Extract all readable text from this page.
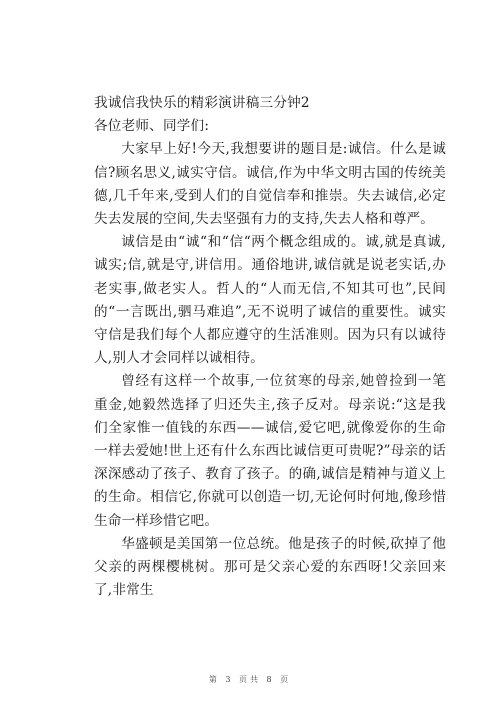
我诚信我快乐的精彩演讲稿三分钟2

各位老师、同学们:

大家早上好!今天,我想要讲的题目是:诚信。什么是诚信?顾名思义,诚实守信。诚信,作为中华文明古国的传统美德,几千年来,受到人们的自觉信奉和推崇。失去诚信,必定失去发展的空间,失去坚强有力的支持,失去人格和尊严。

诚信是由“诚“和“信“两个概念组成的。诚,就是真诚,诚实;信,就是守,讲信用。通俗地讲,诚信就是说老实话,办老实事,做老实人。哲人的“人而无信,不知其可也”,民间的“一言既出,驷马难追”,无不说明了诚信的重要性。诚实守信是我们每个人都应遵守的生活准则。因为只有以诚待人,别人才会同样以诚相待。

曾经有这样一个故事,一位贫寒的母亲,她曾捡到一笔重金,她毅然选择了归还失主,孩子反对。母亲说:“这是我们全家惟一值钱的东西——诚信,爱它吧,就像爱你的生命一样去爱她!世上还有什么东西比诚信更可贵呢?”母亲的话深深感动了孩子、教育了孩子。的确,诚信是精神与道义上的生命。相信它,你就可以创造一切,无论何时何地,像珍惜生命一样珍惜它吧。

华盛顿是美国第一位总统。他是孩子的时候,砍掉了他父亲的两棵樱桃树。那可是父亲心爱的东西呀!父亲回来了,非常生

第 3 页共 8 页
